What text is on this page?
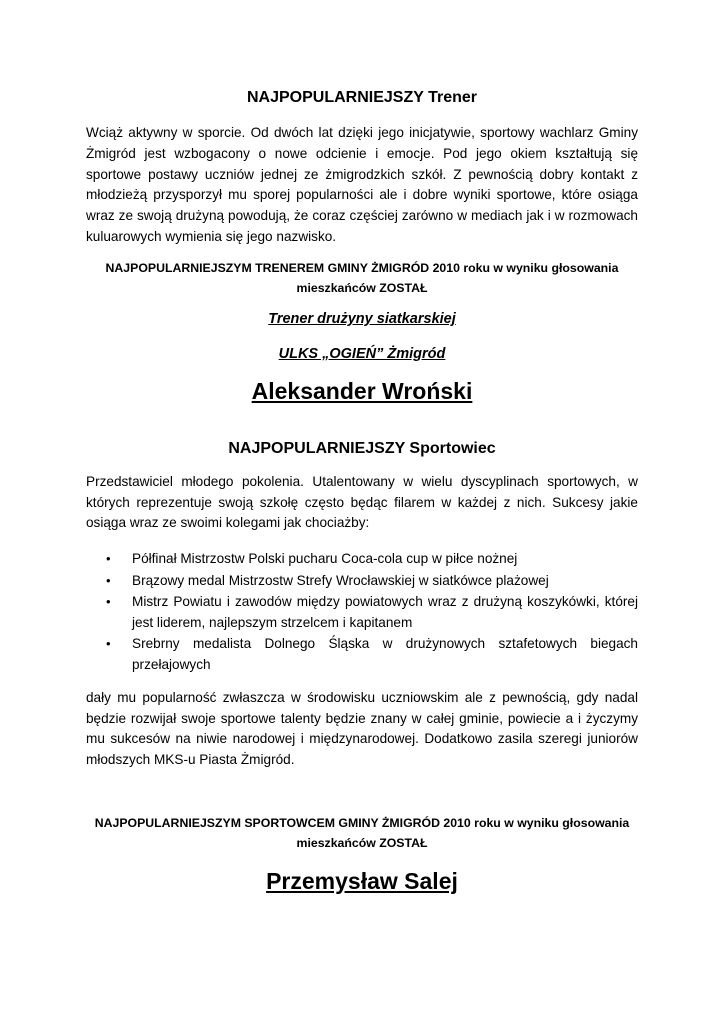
NAJPOPULARNIEJSZY Trener

Wciąż aktywny w sporcie. Od dwóch lat dzięki jego inicjatywie, sportowy wachlarz Gminy Żmigród jest wzbogacony o nowe odcienie i emocje. Pod jego okiem kształtują się sportowe postawy uczniów jednej ze żmigrodzkich szkół. Z pewnością dobry kontakt z młodzieżą przysporzył mu sporej popularności ale i dobre wyniki sportowe, które osiąga wraz ze swoją drużyną powodują, że coraz częściej zarówno w mediach jak i w rozmowach kuluarowych wymienia się jego nazwisko.

NAJPOPULARNIEJSZYM TRENEREM GMINY ŻMIGRÓD 2010 roku w wyniku głosowania mieszkańców ZOSTAŁ

Trener drużyny siatkarskiej

ULKS „OGIEŃ” Żmigród

Aleksander Wroński

NAJPOPULARNIEJSZY Sportowiec

Przedstawiciel młodego pokolenia. Utalentowany w wielu dyscyplinach sportowych, w których reprezentuje swoją szkołę często będąc filarem w każdej z nich. Sukcesy jakie osiąga wraz ze swoimi kolegami jak chociażby:

• Półfinał Mistrzostw Polski pucharu Coca-cola cup w piłce nożnej
• Brązowy medal Mistrzostw Strefy Wrocławskiej w siatkówce plażowej
• Mistrz Powiatu i zawodów między powiatowych wraz z drużyną koszykówki, której jest liderem, najlepszym strzelcem i kapitanem
• Srebrny medalista Dolnego Śląska w drużynowych sztafetowych biegach przełajowych

dały mu popularność zwłaszcza w środowisku uczniowskim ale z pewnością, gdy nadal będzie rozwijał swoje sportowe talenty będzie znany w całej gminie, powiecie a i życzymy mu sukcesów na niwie narodowej i międzynarodowej. Dodatkowo zasila szeregi juniorów młodszych MKS-u Piasta Żmigród.

NAJPOPULARNIEJSZYM SPORTOWCEM GMINY ŻMIGRÓD 2010 roku w wyniku głosowania mieszkańców ZOSTAŁ

Przemysław Salej
